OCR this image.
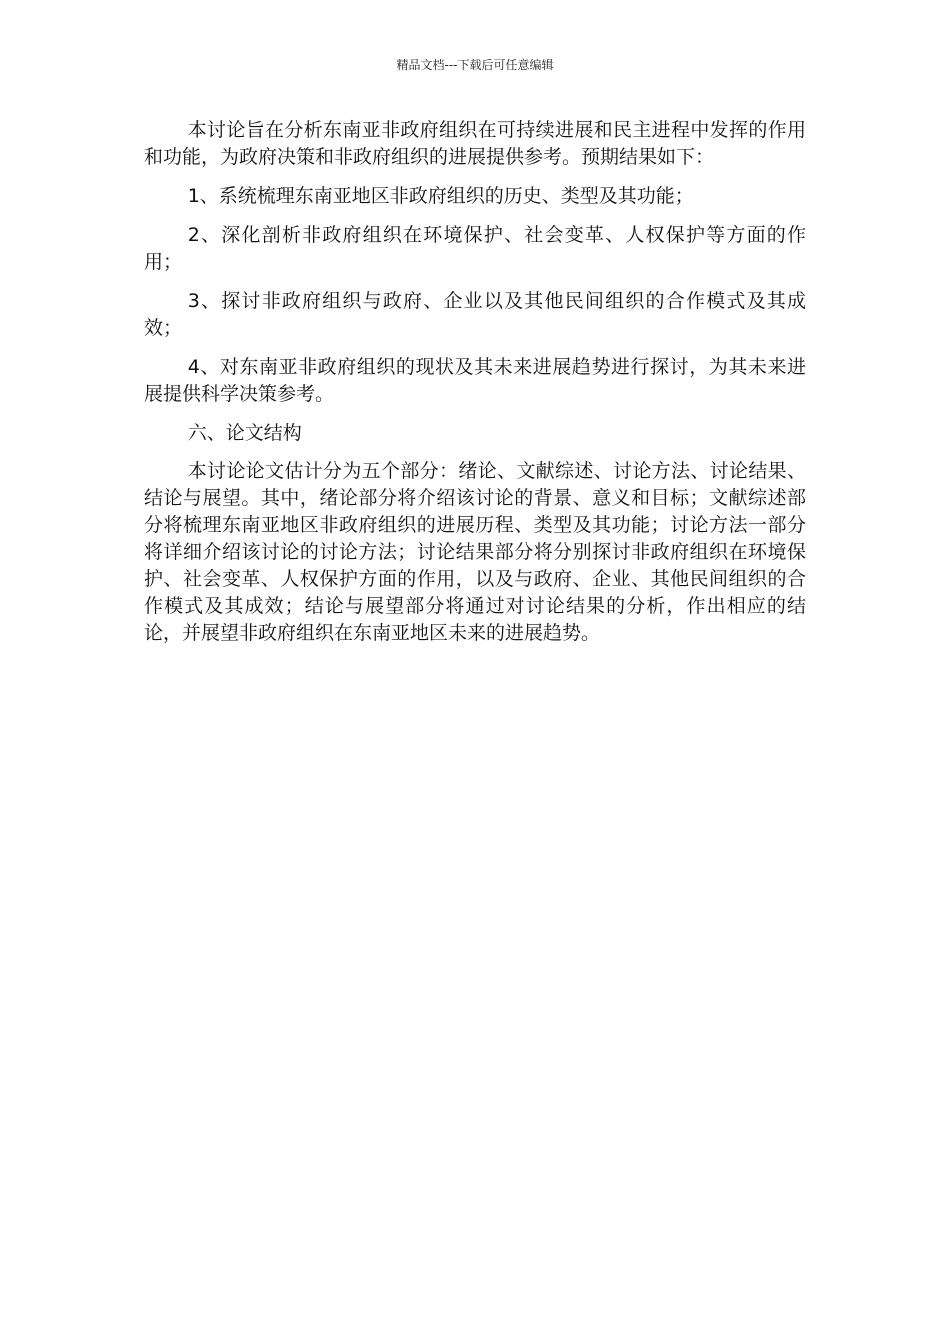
精品文档---下载后可任意编辑

本讨论旨在分析东南亚非政府组织在可持续进展和民主进程中发挥的作用和功能，为政府决策和非政府组织的进展提供参考。预期结果如下：

1、系统梳理东南亚地区非政府组织的历史、类型及其功能；

2、深化剖析非政府组织在环境保护、社会变革、人权保护等方面的作用；

3、探讨非政府组织与政府、企业以及其他民间组织的合作模式及其成效；

4、对东南亚非政府组织的现状及其未来进展趋势进行探讨，为其未来进展提供科学决策参考。

六、论文结构

本讨论论文估计分为五个部分：绪论、文献综述、讨论方法、讨论结果、结论与展望。其中，绪论部分将介绍该讨论的背景、意义和目标；文献综述部分将梳理东南亚地区非政府组织的进展历程、类型及其功能；讨论方法一部分将详细介绍该讨论的讨论方法；讨论结果部分将分别探讨非政府组织在环境保护、社会变革、人权保护方面的作用，以及与政府、企业、其他民间组织的合作模式及其成效；结论与展望部分将通过对讨论结果的分析，作出相应的结论，并展望非政府组织在东南亚地区未来的进展趋势。
